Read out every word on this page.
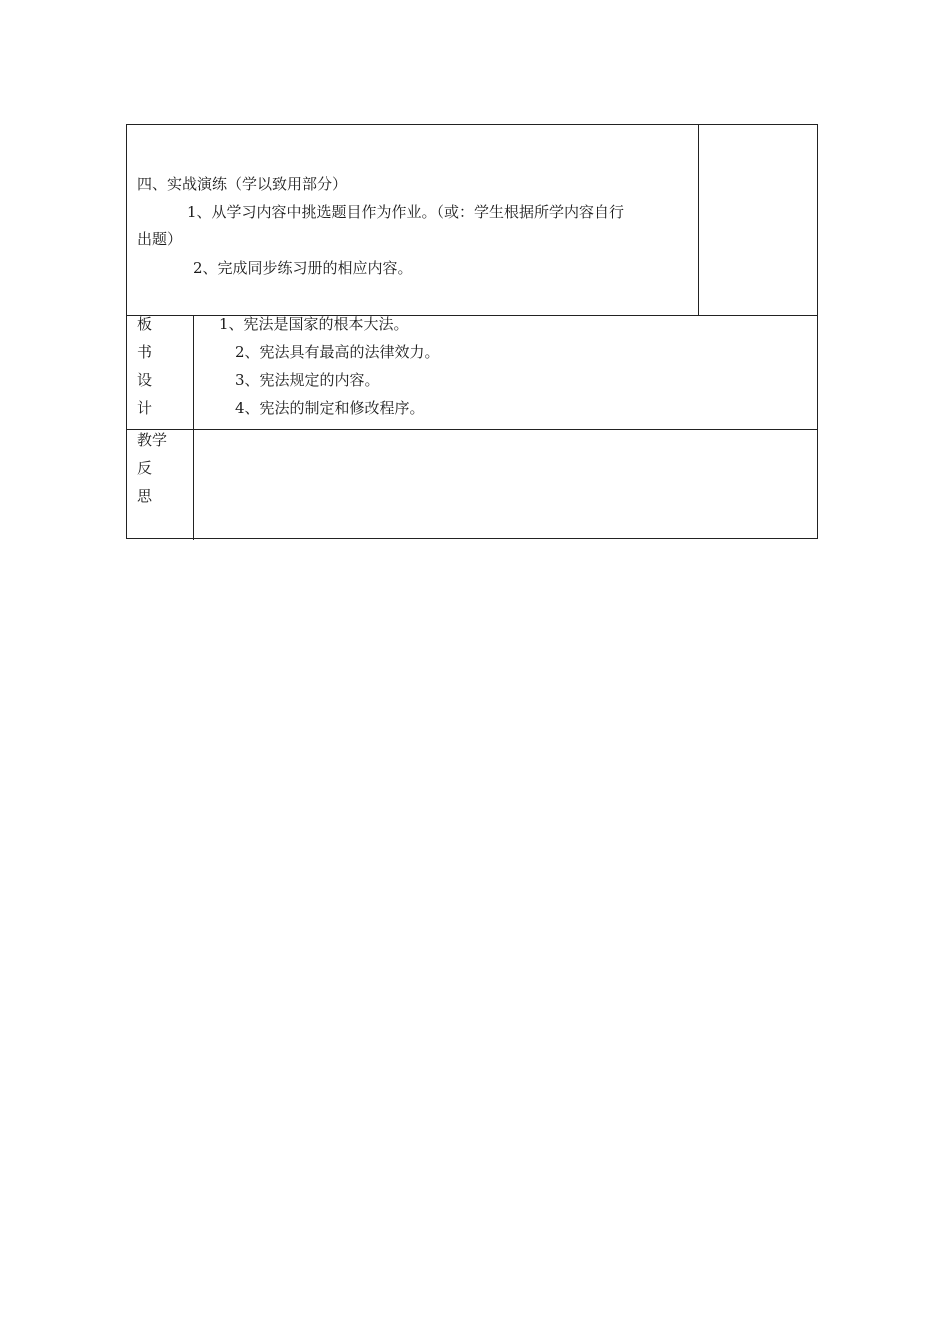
四、实战演练（学以致用部分）
1、从学习内容中挑选题目作为作业。（或：学生根据所学内容自行
出题）
2、完成同步练习册的相应内容。
板
书
设
计
1、宪法是国家的根本大法。
2、宪法具有最高的法律效力。
3、宪法规定的内容。
4、宪法的制定和修改程序。
教学
反
思
